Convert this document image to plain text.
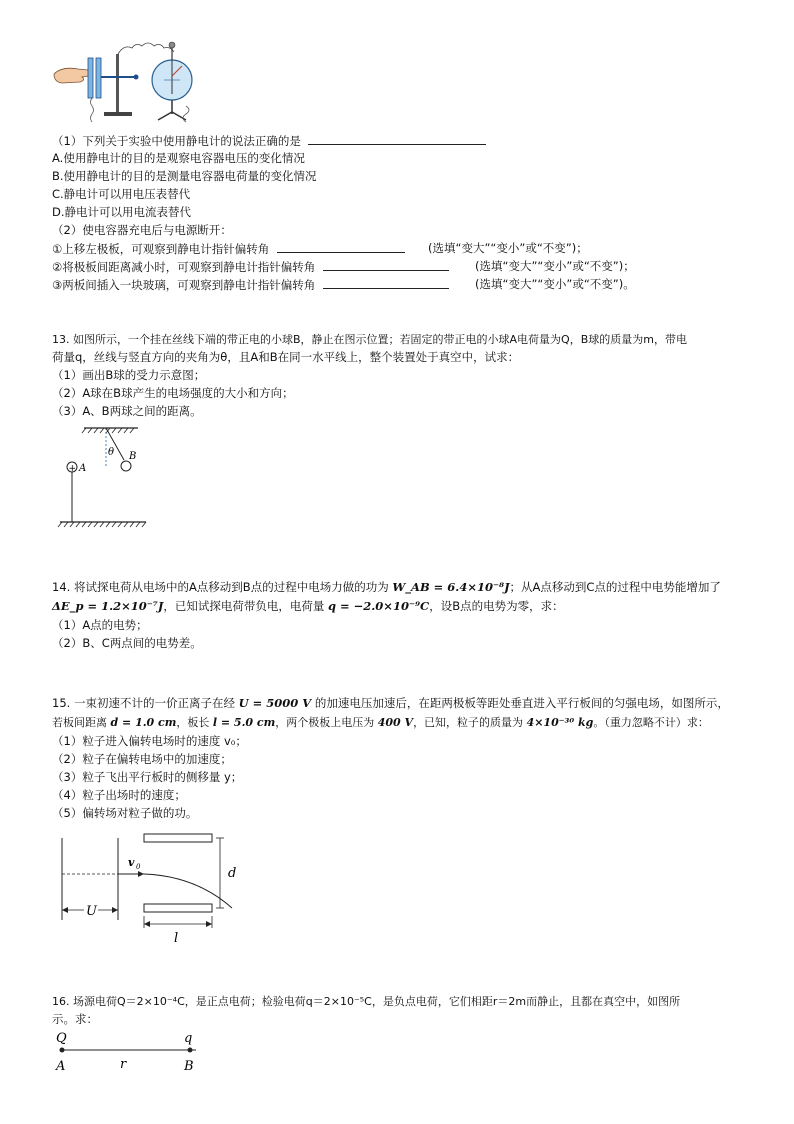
（1）下列关于实验中使用静电计的说法正确的是
A.使用静电计的目的是观察电容器电压的变化情况
B.使用静电计的目的是测量电容器电荷量的变化情况
C.静电计可以用电压表替代
D.静电计可以用电流表替代
（2）使电容器充电后与电源断开：
①上移左极板，可观察到静电计指针偏转角	(选填“变大”“变小”或“不变”)；
②将极板间距离减小时，可观察到静电计指针偏转角	(选填“变大”“变小”或“不变”)；
③两板间插入一块玻璃，可观察到静电计指针偏转角	(选填“变大”“变小”或“不变”)。
13. 如图所示，一个挂在丝线下端的带正电的小球B，静止在图示位置；若固定的带正电的小球A电荷量为Q，B球的质量为m，带电
荷量q，丝线与竖直方向的夹角为θ，且A和B在同一水平线上，整个装置处于真空中，试求：
（1）画出B球的受力示意图；
（2）A球在B球产生的电场强度的大小和方向；
（3）A、B两球之间的距离。
θ B
+ A
14. 将试探电荷从电场中的A点移动到B点的过程中电场力做的功为 W_AB = 6.4×10⁻⁸J；从A点移动到C点的过程中电势能增加了
ΔE_p = 1.2×10⁻⁷J，已知试探电荷带负电，电荷量 q = −2.0×10⁻⁹C，设B点的电势为零，求：
（1）A点的电势；
（2）B、C两点间的电势差。
15. 一束初速不计的一价正离子在经 U = 5000 V 的加速电压加速后，在距两极板等距处垂直进入平行板间的匀强电场，如图所示，
若板间距离 d = 1.0 cm，板长 l = 5.0 cm，两个极板上电压为 400 V，已知，粒子的质量为 4×10⁻³⁰ kg。（重力忽略不计）求：
（1）粒子进入偏转电场时的速度 v₀；
（2）粒子在偏转电场中的加速度；
（3）粒子飞出平行板时的侧移量 y；
（4）粒子出场时的速度；
（5）偏转场对粒子做的功。
v 0	d
U
l
16. 场源电荷Q＝2×10⁻⁴C，是正点电荷；检验电荷q＝2×10⁻⁵C，是负点电荷，它们相距r＝2m而静止，且都在真空中，如图所
示。求：
Q	q
A	r	B
